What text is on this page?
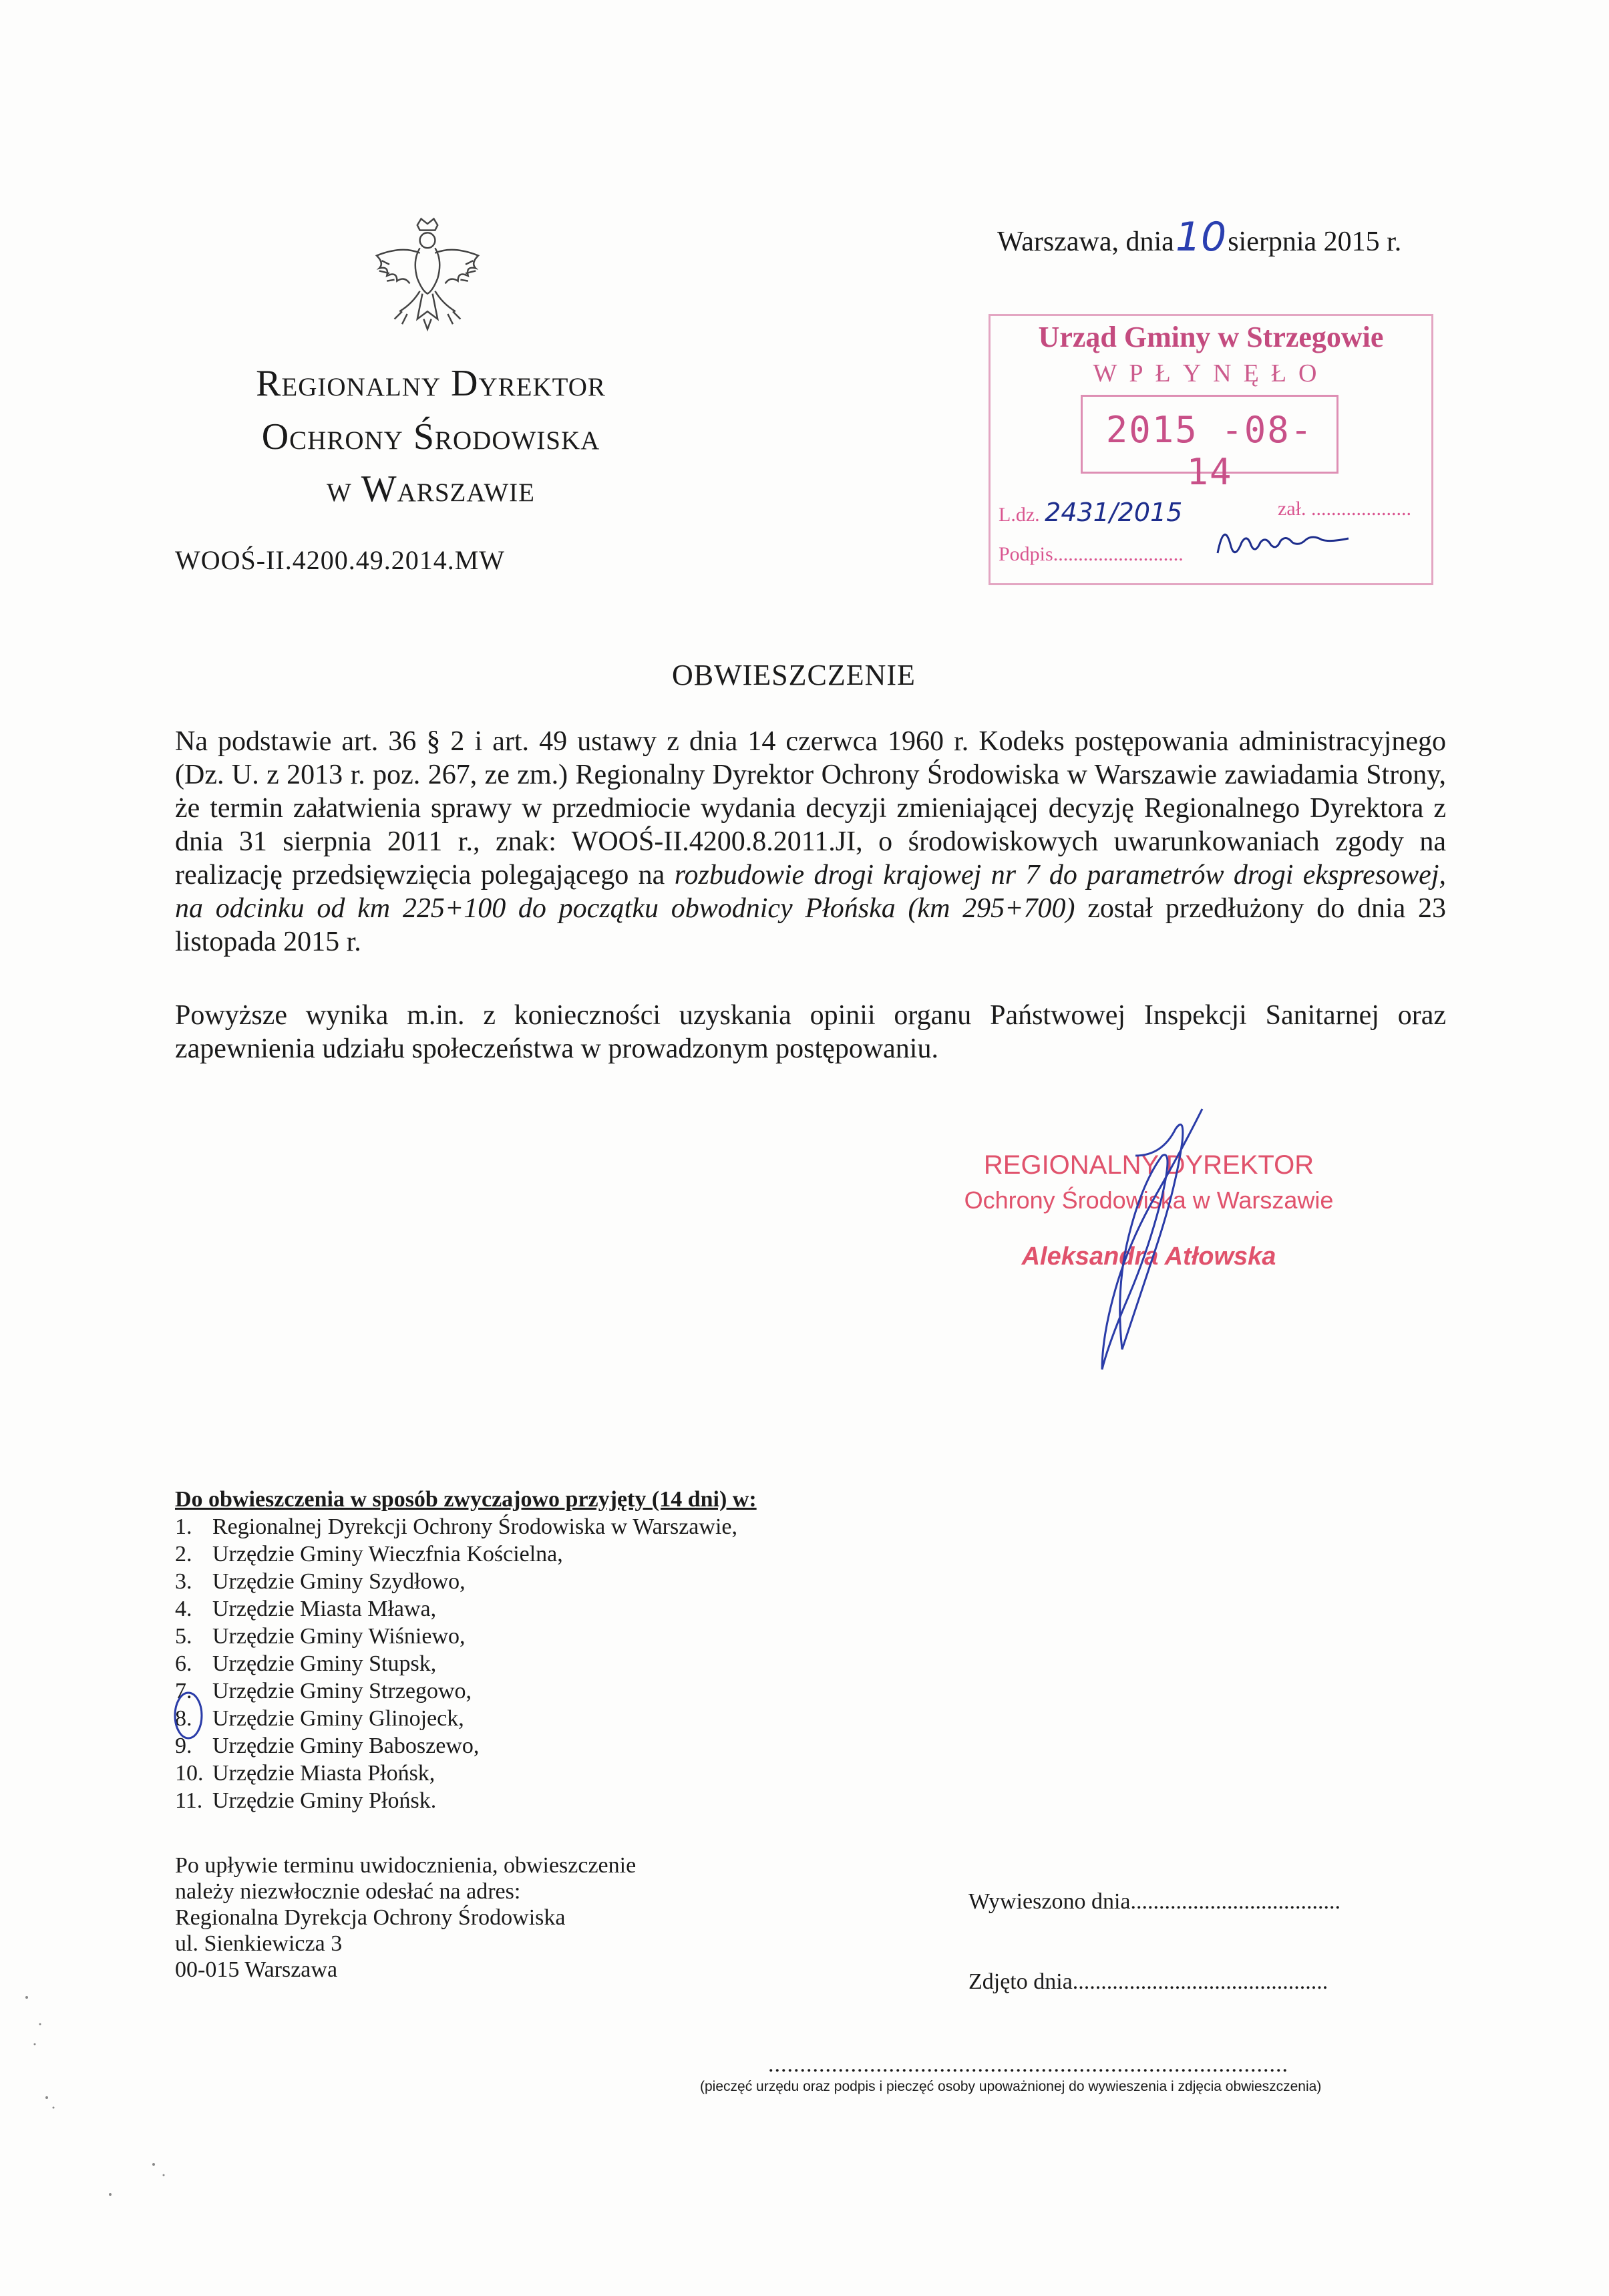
Regionalny Dyrektor
Ochrony Środowiska
w Warszawie
WOOŚ-II.4200.49.2014.MW
Warszawa, dnia10sierpnia 2015 r.
Urząd Gminy w Strzegowie
WPŁYNĘŁO
2015 -08- 14
L.dz. 2431/2015	zał. ....................
Podpis..........................
OBWIESZCZENIE
Na podstawie art. 36 § 2 i art. 49 ustawy z dnia 14 czerwca 1960 r. Kodeks postępowania administracyjnego (Dz. U. z 2013 r. poz. 267, ze zm.) Regionalny Dyrektor Ochrony Środowiska w Warszawie zawiadamia Strony, że termin załatwienia sprawy w przedmiocie wydania decyzji zmieniającej decyzję Regionalnego Dyrektora z dnia 31 sierpnia 2011 r., znak: WOOŚ-II.4200.8.2011.JI, o środowiskowych uwarunkowaniach zgody na realizację przedsięwzięcia polegającego na rozbudowie drogi krajowej nr 7 do parametrów drogi ekspresowej, na odcinku od km 225+100 do początku obwodnicy Płońska (km 295+700) został przedłużony do dnia 23 listopada 2015 r.
Powyższe wynika m.in. z konieczności uzyskania opinii organu Państwowej Inspekcji Sanitarnej oraz zapewnienia udziału społeczeństwa w prowadzonym postępowaniu.
REGIONALNY DYREKTOR
Ochrony Środowiska w Warszawie
Aleksandra Atłowska
Do obwieszczenia w sposób zwyczajowo przyjęty (14 dni) w:
1. Regionalnej Dyrekcji Ochrony Środowiska w Warszawie,
2. Urzędzie Gminy Wieczfnia Kościelna,
3. Urzędzie Gminy Szydłowo,
4. Urzędzie Miasta Mława,
5. Urzędzie Gminy Wiśniewo,
6. Urzędzie Gminy Stupsk,
7. Urzędzie Gminy Strzegowo,
8. Urzędzie Gminy Glinojeck,
9. Urzędzie Gminy Baboszewo,
10. Urzędzie Miasta Płońsk,
11. Urzędzie Gminy Płońsk.
Po upływie terminu uwidocznienia, obwieszczenie
należy niezwłocznie odesłać na adres:
Regionalna Dyrekcja Ochrony Środowiska
ul. Sienkiewicza 3
00-015 Warszawa
Wywieszono dnia.....................................
Zdjęto dnia.............................................
..................................................................................
(pieczęć urzędu oraz podpis i pieczęć osoby upoważnionej do wywieszenia i zdjęcia obwieszczenia)
